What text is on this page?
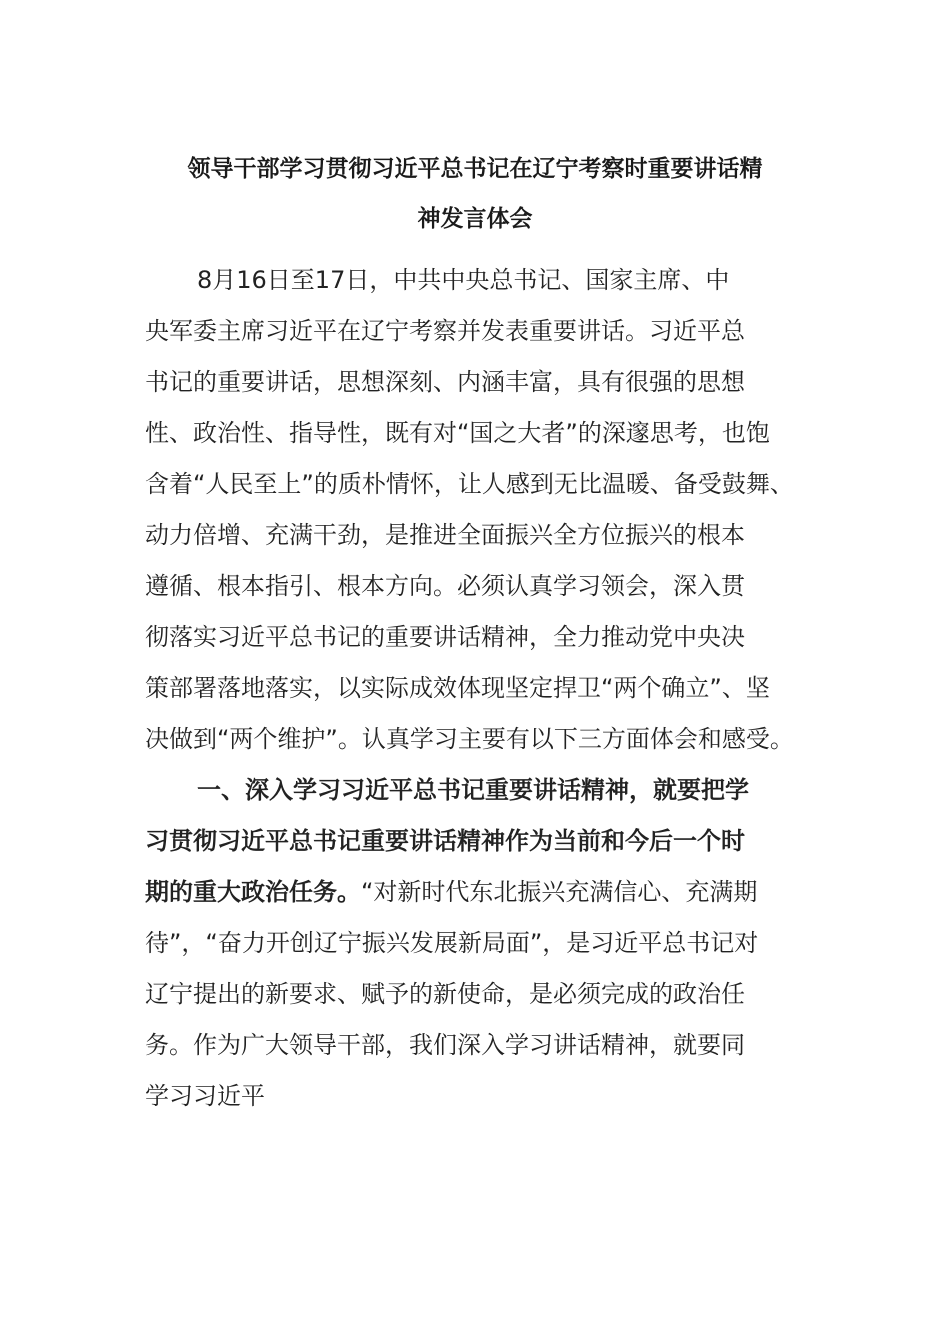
领导干部学习贯彻习近平总书记在辽宁考察时重要讲话精
神发言体会
8月16日至17日，中共中央总书记、国家主席、中
央军委主席习近平在辽宁考察并发表重要讲话。习近平总
书记的重要讲话，思想深刻、内涵丰富，具有很强的思想
性、政治性、指导性，既有对“国之大者”的深邃思考，也饱
含着“人民至上”的质朴情怀，让人感到无比温暖、备受鼓舞、
动力倍增、充满干劲，是推进全面振兴全方位振兴的根本
遵循、根本指引、根本方向。必须认真学习领会，深入贯
彻落实习近平总书记的重要讲话精神，全力推动党中央决
策部署落地落实，以实际成效体现坚定捍卫“两个确立”、坚
决做到“两个维护”。认真学习主要有以下三方面体会和感受。
一、深入学习习近平总书记重要讲话精神，就要把学
习贯彻习近平总书记重要讲话精神作为当前和今后一个时
期的重大政治任务。“对新时代东北振兴充满信心、充满期
待”，“奋力开创辽宁振兴发展新局面”，是习近平总书记对
辽宁提出的新要求、赋予的新使命，是必须完成的政治任
务。作为广大领导干部，我们深入学习讲话精神，就要同
学习习近平
